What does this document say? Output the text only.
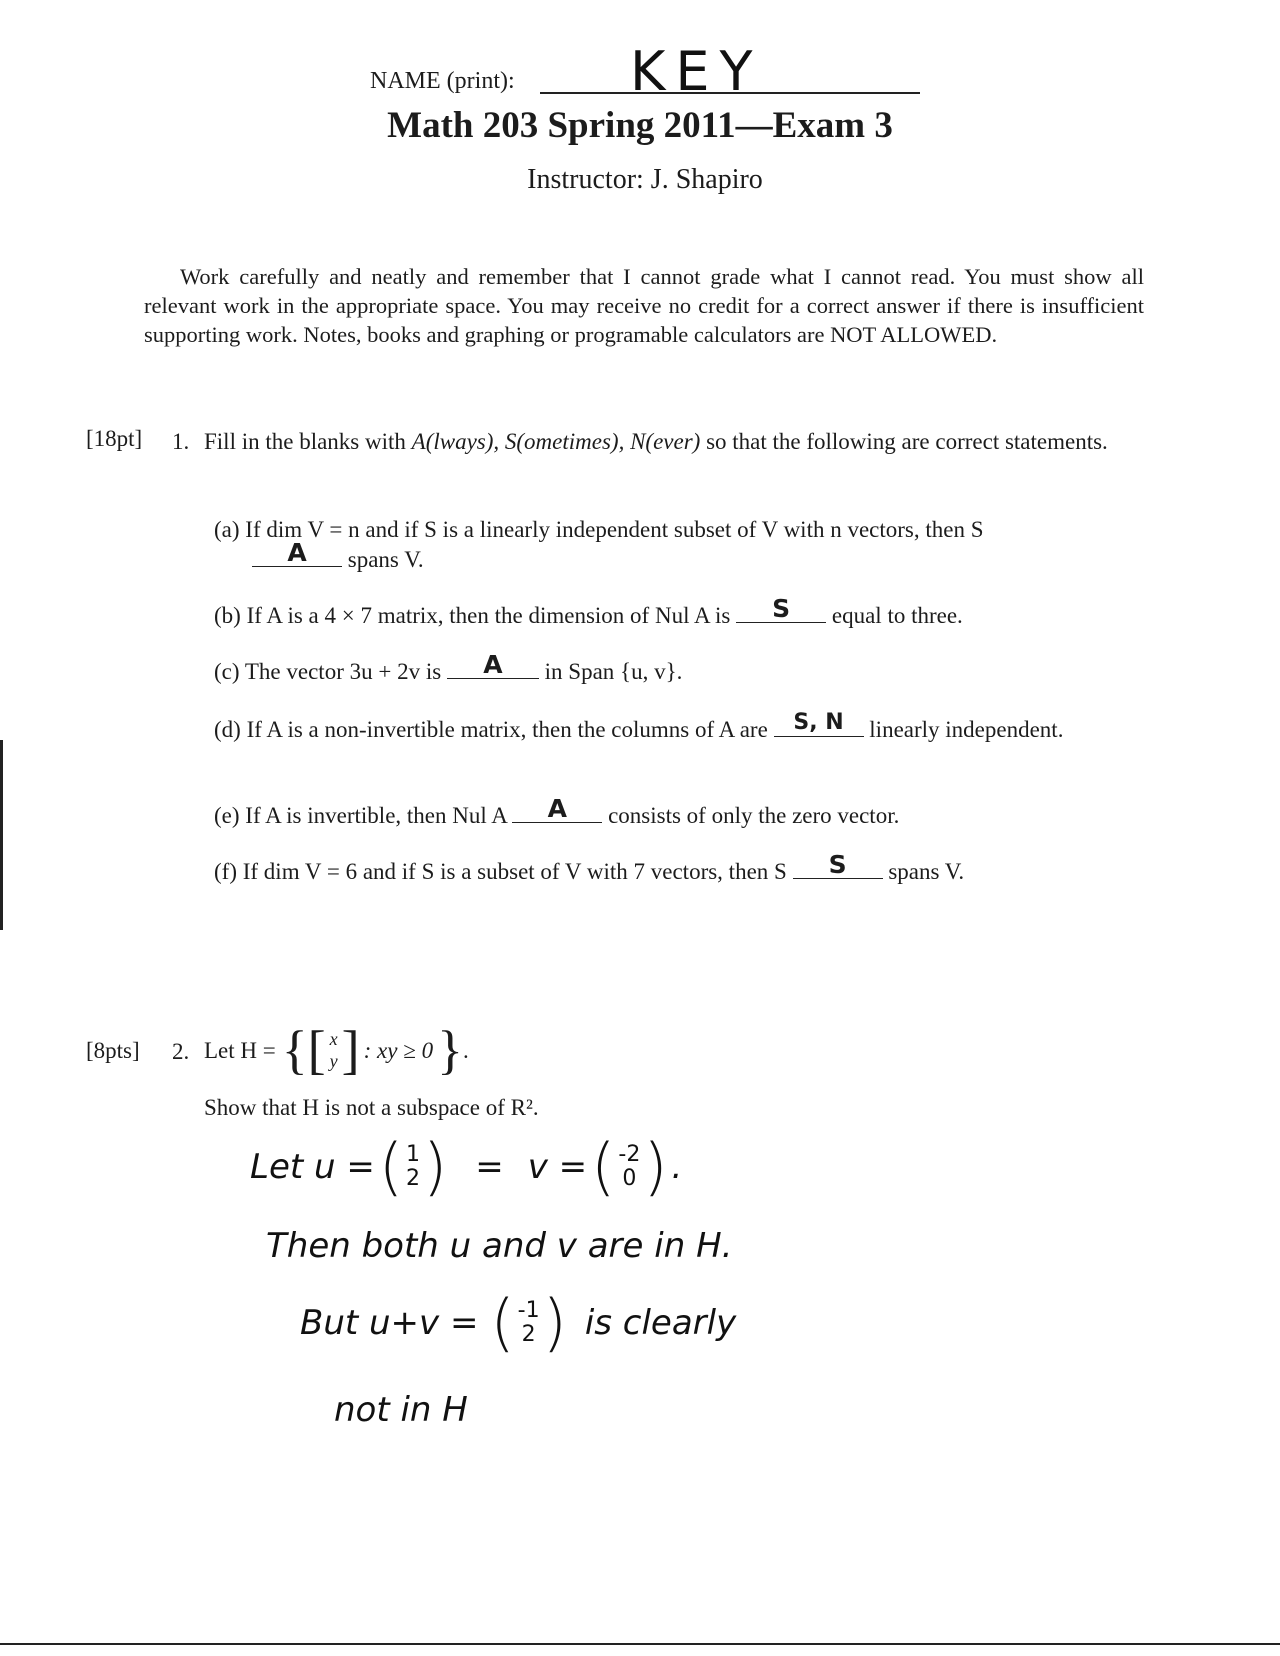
NAME (print): KEY
Math 203 Spring 2011—Exam 3
Instructor: J. Shapiro
Work carefully and neatly and remember that I cannot grade what I cannot read. You must show all relevant work in the appropriate space. You may receive no credit for a correct answer if there is insufficient supporting work. Notes, books and graphing or programable calculators are NOT ALLOWED.
[18pt] 1. Fill in the blanks with A(lways), S(ometimes), N(ever) so that the following are correct statements.
(a) If dim V = n and if S is a linearly independent subset of V with n vectors, then S

A	spans V.
(b) If A is a 4 × 7 matrix, then the dimension of Nul A is	S	equal to three.
(c) The vector 3u + 2v is	A	in Span {u, v}.
(d) If A is a non-invertible matrix, then the columns of A are	S, N	linearly independent.
(e) If A is invertible, then Nul A	A	consists of only the zero vector.
(f) If dim V = 6 and if S is a subset of V with 7 vectors, then S	S	spans V.
[8pts] 2. Let H = { [ x
y ] : xy ≥ 0 } .
Show that H is not a subspace of R².
Let u = ( 1
2 ) = v = ( -2
0 ) .
Then both u and v are in H.
But u+v = ( -1
2 ) is clearly
not in H
